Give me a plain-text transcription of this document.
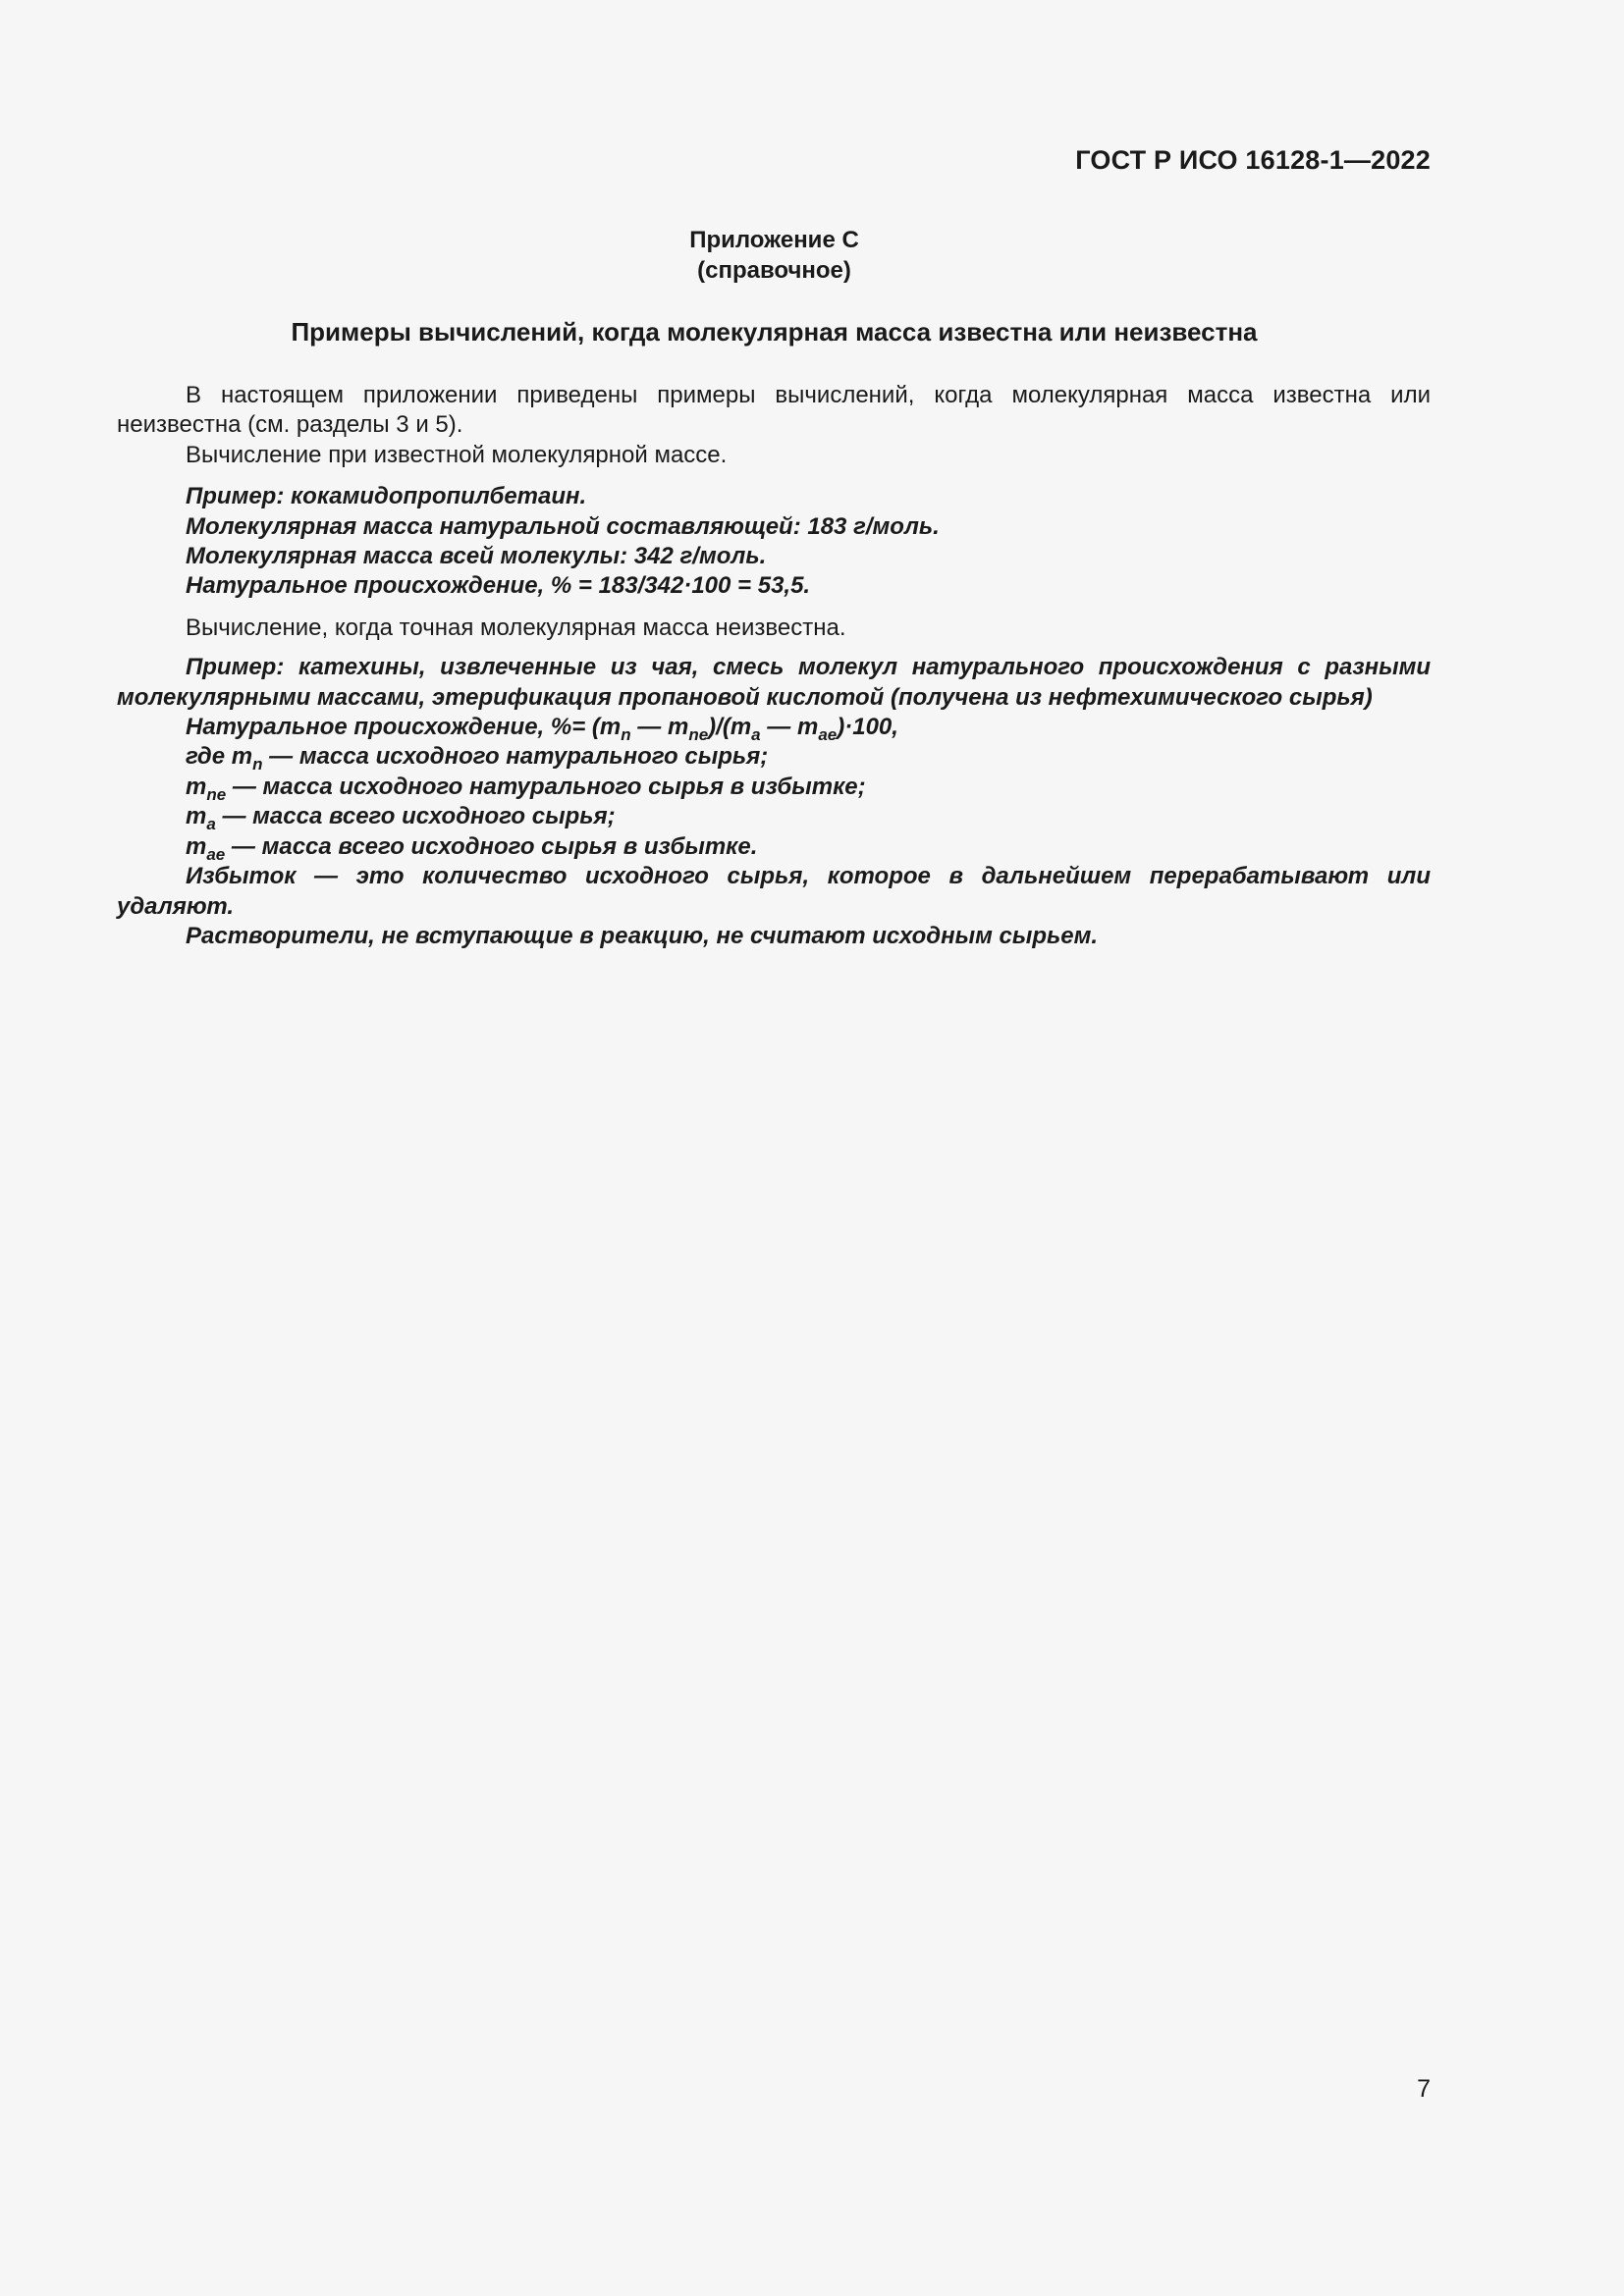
ГОСТ Р ИСО 16128-1—2022
Приложение С
(справочное)
Примеры вычислений, когда молекулярная масса известна или неизвестна

В настоящем приложении приведены примеры вычислений, когда молекулярная масса известна или неизвестна (см. разделы 3 и 5).

Вычисление при известной молекулярной массе.

Пример: кокамидопропилбетаин.

Молекулярная масса натуральной составляющей: 183 г/моль.

Молекулярная масса всей молекулы: 342 г/моль.

Натуральное происхождение, % = 183/342·100 = 53,5.

Вычисление, когда точная молекулярная масса неизвестна.

Пример: катехины, извлеченные из чая, смесь молекул натурального происхождения с разными молекулярными массами, этерификация пропановой кислотой (получена из нефтехимического сырья)

Натуральное происхождение, %= ($m_n$ — $m_{ne})/(m_a$ — $m_{ae})\cdot 100$,

где $m_n$ — масса исходного натурального сырья;

$m_{ne}$ — масса исходного натурального сырья в избытке;

$m_a$ — масса всего исходного сырья;

$m_{ae}$ — масса всего исходного сырья в избытке.

Избыток — это количество исходного сырья, которое в дальнейшем перерабатывают или удаляют.

Растворители, не вступающие в реакцию, не считают исходным сырьем.

7
